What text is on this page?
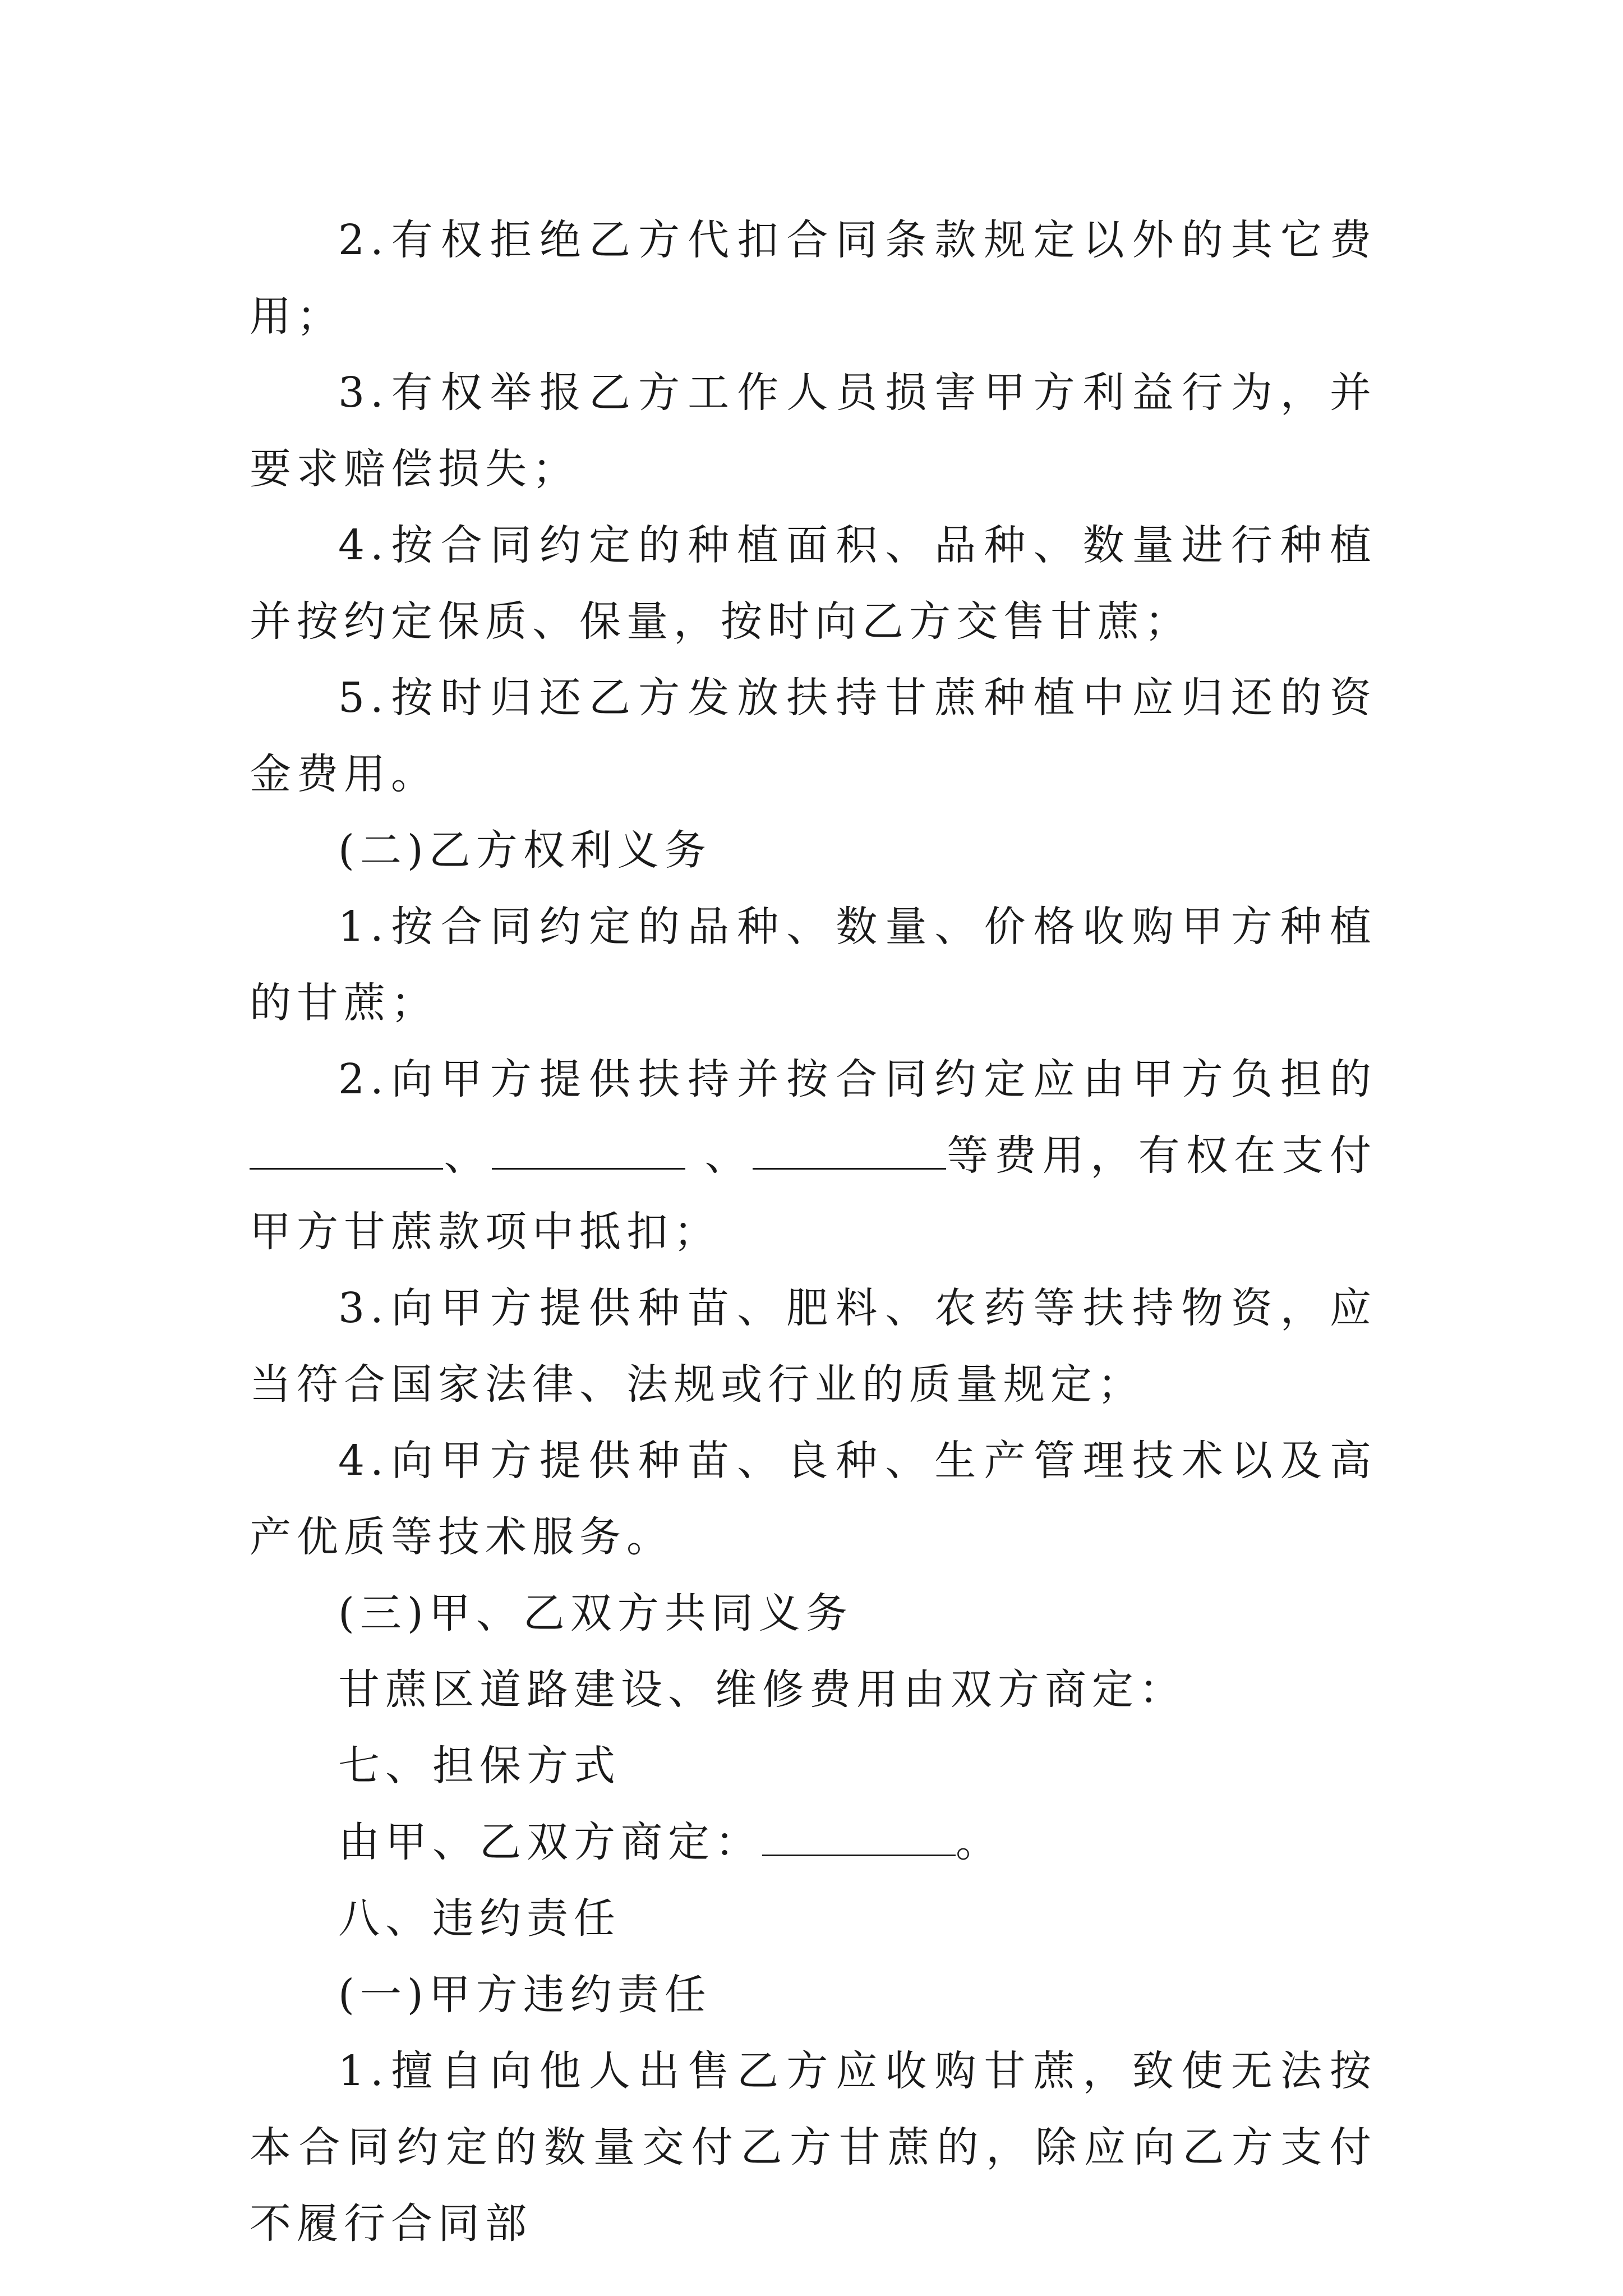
2.有权拒绝乙方代扣合同条款规定以外的其它费用；

3.有权举报乙方工作人员损害甲方利益行为，并要求赔偿损失；

4.按合同约定的种植面积、品种、数量进行种植并按约定保质、保量，按时向乙方交售甘蔗；

5.按时归还乙方发放扶持甘蔗种植中应归还的资金费用。

(二)乙方权利义务

1.按合同约定的品种、数量、价格收购甲方种植的甘蔗；

2.向甲方提供扶持并按合同约定应由甲方负担的、	、	等费用，有权在支付甲方甘蔗款项中抵扣；

3.向甲方提供种苗、肥料、农药等扶持物资，应当符合国家法律、法规或行业的质量规定；

4.向甲方提供种苗、良种、生产管理技术以及高产优质等技术服务。

(三)甲、乙双方共同义务

甘蔗区道路建设、维修费用由双方商定：

七、担保方式

由甲、乙双方商定：	。

八、违约责任

(一)甲方违约责任

1.擅自向他人出售乙方应收购甘蔗，致使无法按本合同约定的数量交付乙方甘蔗的，除应向乙方支付不履行合同部
